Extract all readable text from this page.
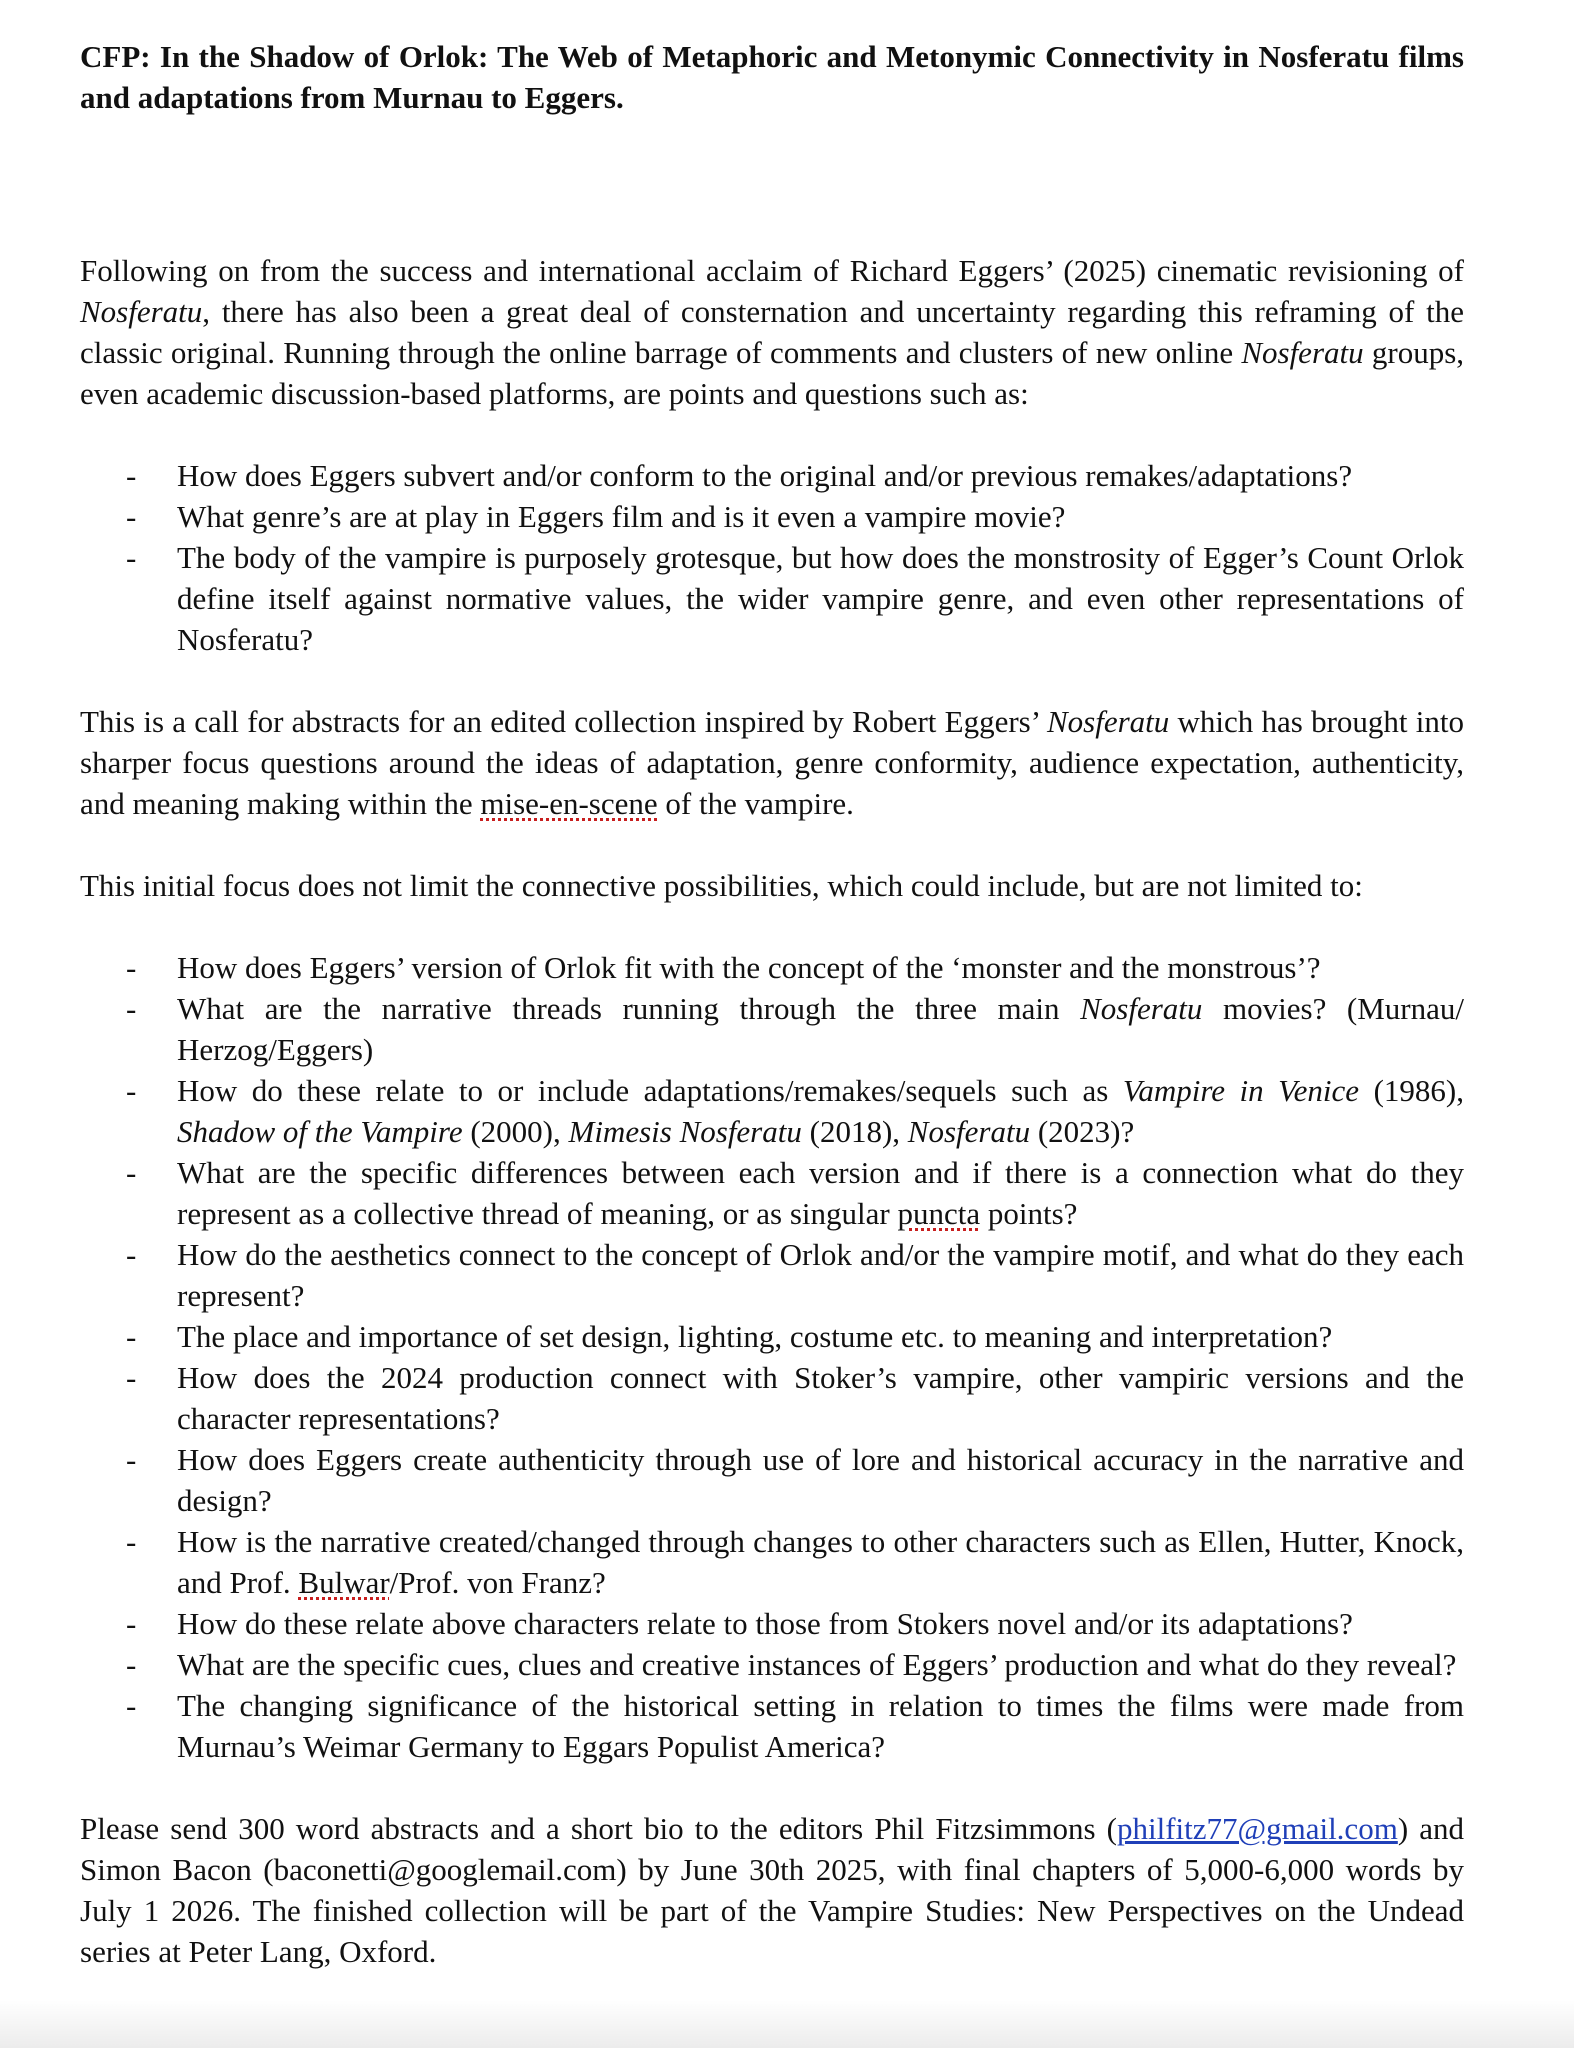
CFP: In the Shadow of Orlok: The Web of Metaphoric and Metonymic Connectivity in Nosferatu films and adaptations from Murnau to Eggers.

Following on from the success and international acclaim of Richard Eggers’ (2025) cinematic revisioning of Nosferatu, there has also been a great deal of consternation and uncertainty regarding this reframing of the classic original. Running through the online barrage of comments and clusters of new online Nosferatu groups, even academic discussion-based platforms, are points and questions such as:

- How does Eggers subvert and/or conform to the original and/or previous remakes/adaptations?
- What genre’s are at play in Eggers film and is it even a vampire movie?
- The body of the vampire is purposely grotesque, but how does the monstrosity of Egger’s Count Orlok define itself against normative values, the wider vampire genre, and even other representations of Nosferatu?

This is a call for abstracts for an edited collection inspired by Robert Eggers’ Nosferatu which has brought into sharper focus questions around the ideas of adaptation, genre conformity, audience expectation, authenticity, and meaning making within the mise-en-scene of the vampire.

This initial focus does not limit the connective possibilities, which could include, but are not limited to:

- How does Eggers’ version of Orlok fit with the concept of the ‘monster and the monstrous’?
- What are the narrative threads running through the three main Nosferatu movies? (Murnau/ Herzog/Eggers)
- How do these relate to or include adaptations/remakes/sequels such as Vampire in Venice (1986), Shadow of the Vampire (2000), Mimesis Nosferatu (2018), Nosferatu (2023)?
- What are the specific differences between each version and if there is a connection what do they represent as a collective thread of meaning, or as singular puncta points?
- How do the aesthetics connect to the concept of Orlok and/or the vampire motif, and what do they each represent?
- The place and importance of set design, lighting, costume etc. to meaning and interpretation?
- How does the 2024 production connect with Stoker’s vampire, other vampiric versions and the character representations?
- How does Eggers create authenticity through use of lore and historical accuracy in the narrative and design?
- How is the narrative created/changed through changes to other characters such as Ellen, Hutter, Knock, and Prof. Bulwar/Prof. von Franz?
- How do these relate above characters relate to those from Stokers novel and/or its adaptations?
- What are the specific cues, clues and creative instances of Eggers’ production and what do they reveal?
- The changing significance of the historical setting in relation to times the films were made from Murnau’s Weimar Germany to Eggars Populist America?

Please send 300 word abstracts and a short bio to the editors Phil Fitzsimmons (philfitz77@gmail.com) and Simon Bacon (baconetti@googlemail.com) by June 30th 2025, with final chapters of 5,000-6,000 words by July 1 2026. The finished collection will be part of the Vampire Studies: New Perspectives on the Undead series at Peter Lang, Oxford.
